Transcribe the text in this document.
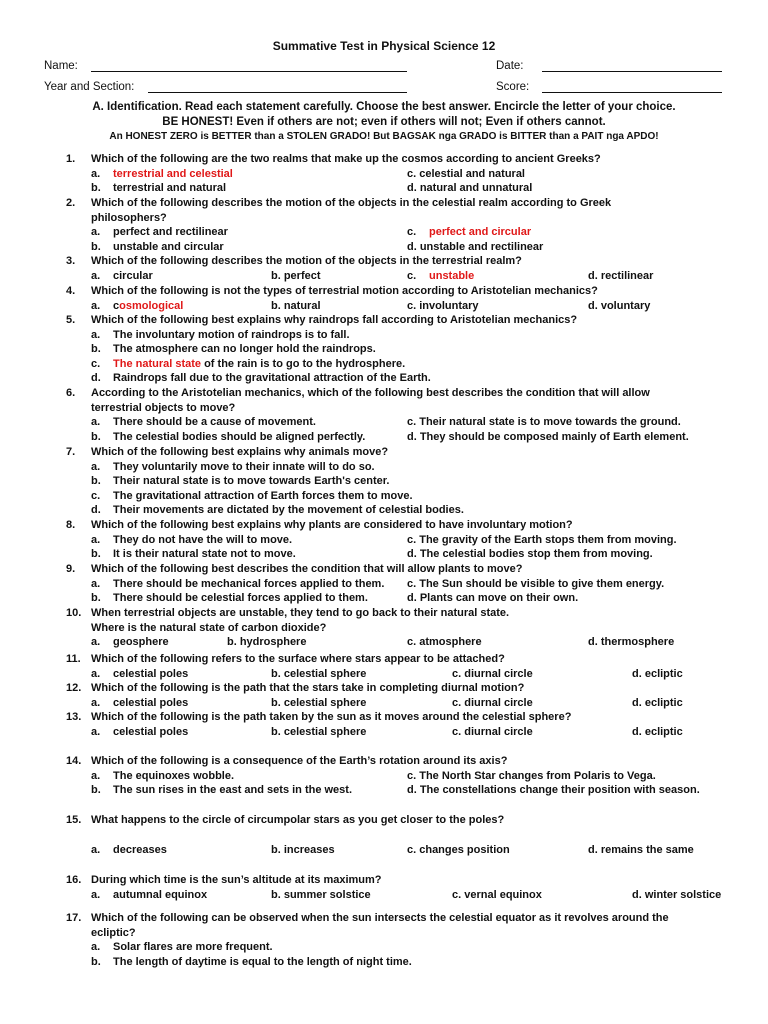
Summative Test in Physical Science 12
Name:	Date:
Year and Section:	Score:
A. Identification. Read each statement carefully. Choose the best answer. Encircle the letter of your choice.
BE HONEST! Even if others are not; even if others will not; Even if others cannot.
An HONEST ZERO is BETTER than a STOLEN GRADO! But BAGSAK nga GRADO is BITTER than a PAIT nga APDO!
1. Which of the following are the two realms that make up the cosmos according to ancient Greeks?
a. terrestrial and celestial	c. celestial and natural
b. terrestrial and natural	d. natural and unnatural
2. Which of the following describes the motion of the objects in the celestial realm according to Greek
philosophers?
a. perfect and rectilinear	c. perfect and circular
b. unstable and circular	d. unstable and rectilinear
3. Which of the following describes the motion of the objects in the terrestrial realm?
a. circular	b. perfect	c. unstable	d. rectilinear
4. Which of the following is not the types of terrestrial motion according to Aristotelian mechanics?
a. cosmological	b. natural	c. involuntary	d. voluntary
5. Which of the following best explains why raindrops fall according to Aristotelian mechanics?
a. The involuntary motion of raindrops is to fall.
b. The atmosphere can no longer hold the raindrops.
c. The natural state of the rain is to go to the hydrosphere.
d. Raindrops fall due to the gravitational attraction of the Earth.
6. According to the Aristotelian mechanics, which of the following best describes the condition that will allow
terrestrial objects to move?
a. There should be a cause of movement.	c. Their natural state is to move towards the ground.
b. The celestial bodies should be aligned perfectly.	d. They should be composed mainly of Earth element.
7. Which of the following best explains why animals move?
a. They voluntarily move to their innate will to do so.
b. Their natural state is to move towards Earth's center.
c. The gravitational attraction of Earth forces them to move.
d. Their movements are dictated by the movement of celestial bodies.
8. Which of the following best explains why plants are considered to have involuntary motion?
a. They do not have the will to move.	c. The gravity of the Earth stops them from moving.
b. It is their natural state not to move.	d. The celestial bodies stop them from moving.
9. Which of the following best describes the condition that will allow plants to move?
a. There should be mechanical forces applied to them. c. The Sun should be visible to give them energy.
b. There should be celestial forces applied to them.	d. Plants can move on their own.
10. When terrestrial objects are unstable, they tend to go back to their natural state.
Where is the natural state of carbon dioxide?
a. geosphere	b. hydrosphere	c. atmosphere	d. thermosphere
11. Which of the following refers to the surface where stars appear to be attached?
a. celestial poles	b. celestial sphere	c. diurnal circle	d. ecliptic
12. Which of the following is the path that the stars take in completing diurnal motion?
a. celestial poles	b. celestial sphere	c. diurnal circle	d. ecliptic
13. Which of the following is the path taken by the sun as it moves around the celestial sphere?
a. celestial poles	b. celestial sphere	c. diurnal circle	d. ecliptic
14. Which of the following is a consequence of the Earth’s rotation around its axis?
a. The equinoxes wobble.	c. The North Star changes from Polaris to Vega.
b. The sun rises in the east and sets in the west.	d. The constellations change their position with season.
15. What happens to the circle of circumpolar stars as you get closer to the poles?
a. decreases	b. increases	c. changes position	d. remains the same
16. During which time is the sun’s altitude at its maximum?
a. autumnal equinox	b. summer solstice	c. vernal equinox	d. winter solstice
17. Which of the following can be observed when the sun intersects the celestial equator as it revolves around the
ecliptic?
a. Solar flares are more frequent.
b. The length of daytime is equal to the length of night time.
